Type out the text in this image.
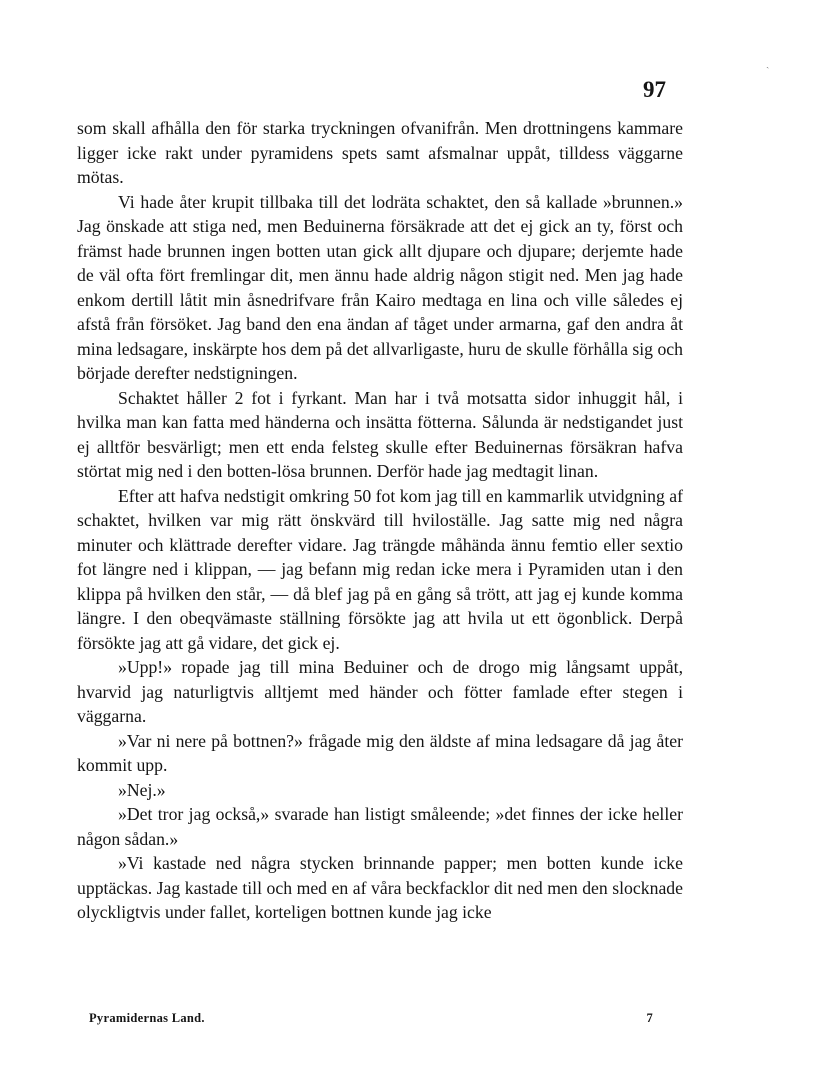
ˎ
97

som skall afhålla den för starka tryckningen ofvanifrån. Men drottningens kammare ligger icke rakt under pyramidens spets samt afsmalnar uppåt, tilldess väggarne mötas.

Vi hade åter krupit tillbaka till det lodräta schaktet, den så kallade »brunnen.» Jag önskade att stiga ned, men Beduinerna försäkrade att det ej gick an ty, först och främst hade brunnen ingen botten utan gick allt djupare och djupare; derjemte hade de väl ofta fört fremlingar dit, men ännu hade aldrig någon stigit ned. Men jag hade enkom dertill låtit min åsnedrifvare från Kairo medtaga en lina och ville således ej afstå från försöket. Jag band den ena ändan af tåget under armarna, gaf den andra åt mina ledsagare, inskärpte hos dem på det allvarligaste, huru de skulle förhålla sig och började derefter nedstigningen.

Schaktet håller 2 fot i fyrkant. Man har i två motsatta sidor inhuggit hål, i hvilka man kan fatta med händerna och insätta fötterna. Sålunda är nedstigandet just ej alltför besvärligt; men ett enda felsteg skulle efter Beduinernas försäkran hafva störtat mig ned i den botten-lösa brunnen. Derför hade jag medtagit linan.

Efter att hafva nedstigit omkring 50 fot kom jag till en kammarlik utvidgning af schaktet, hvilken var mig rätt önskvärd till hviloställe. Jag satte mig ned några minuter och klättrade derefter vidare. Jag trängde måhända ännu femtio eller sextio fot längre ned i klippan, — jag befann mig redan icke mera i Pyramiden utan i den klippa på hvilken den står, — då blef jag på en gång så trött, att jag ej kunde komma längre. I den obeqvämaste ställning försökte jag att hvila ut ett ögonblick. Derpå försökte jag att gå vidare, det gick ej.

»Upp!» ropade jag till mina Beduiner och de drogo mig långsamt uppåt, hvarvid jag naturligtvis alltjemt med händer och fötter famlade efter stegen i väggarna.

»Var ni nere på bottnen?» frågade mig den äldste af mina ledsagare då jag åter kommit upp.

»Nej.»

»Det tror jag också,» svarade han listigt småleende; »det finnes der icke heller någon sådan.»

»Vi kastade ned några stycken brinnande papper; men botten kunde icke upptäckas. Jag kastade till och med en af våra beckfacklor dit ned men den slocknade olyckligtvis under fallet, korteligen bottnen kunde jag icke

Pyramidernas Land.	7
